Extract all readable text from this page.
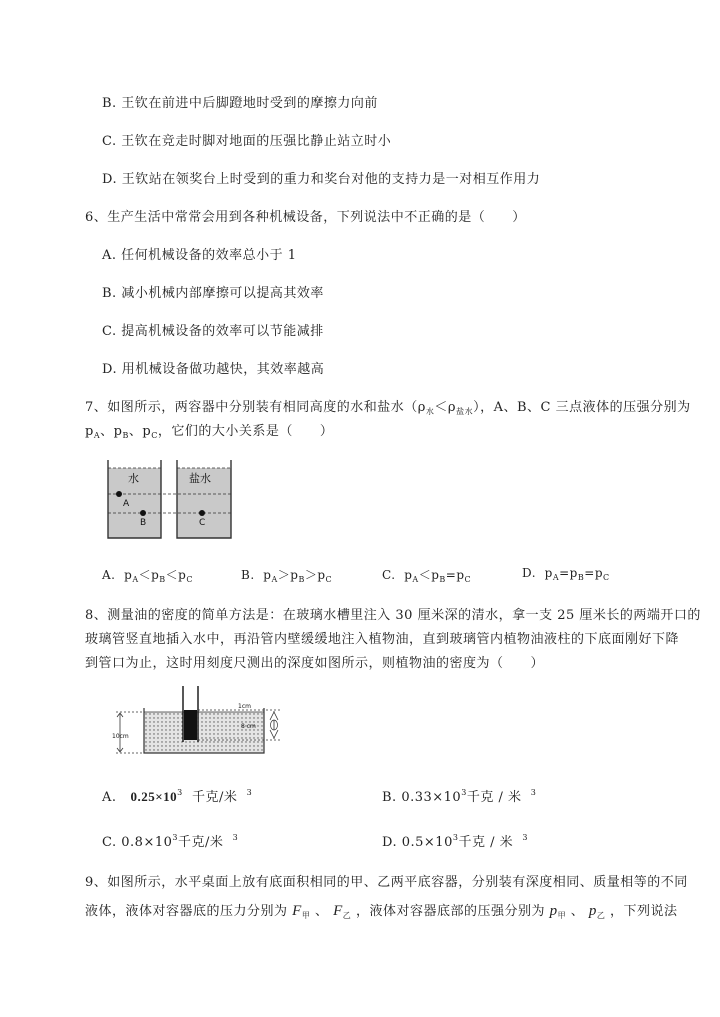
B. 王钦在前进中后脚蹬地时受到的摩擦力向前
C. 王钦在竞走时脚对地面的压强比静止站立时小
D. 王钦站在领奖台上时受到的重力和奖台对他的支持力是一对相互作用力
6、生产生活中常常会用到各种机械设备，下列说法中不正确的是（　　）
A. 任何机械设备的效率总小于 1
B. 减小机械内部摩擦可以提高其效率
C. 提高机械设备的效率可以节能减排
D. 用机械设备做功越快，其效率越高
7、如图所示，两容器中分别装有相同高度的水和盐水$(\rho_水<\rho_{盐水})$，A、B、C 三点液体的压强分别为
$p_A$、$p_B$、$p_C$，它们的大小关系是（　　）
水	盐水
A
B	C
A. $p_A<p_B<p_C$	B. $p_A>p_B>p_C$	C. $p_A<p_B=p_C$	D. $p_A=p_B=p_C$
8、测量油的密度的简单方法是：在玻璃水槽里注入 30 厘米深的清水，拿一支 25 厘米长的两端开口的
玻璃管竖直地插入水中，再沿管内壁缓缓地注入植物油，直到玻璃管内植物油液柱的下底面刚好下降
到管口为止，这时用刻度尺测出的深度如图所示，则植物油的密度为（　　）
10cm
1cm
8 cm
A. $0.25\times 10^3$ 千克/米 $^3$	B. $0.33\times 10^3$千克 / 米 $^3$
C. $0.8\times 10^3$千克/米 $^3$	D. $0.5\times 10^3$千克 / 米 $^3$
9、如图所示，水平桌面上放有底面积相同的甲、乙两平底容器，分别装有深度相同、质量相等的不同
液体，液体对容器底的压力分别为 $F_甲$ 、 $F_乙$ ，液体对容器底部的压强分别为 $p_甲$ 、 $p_乙$ ，下列说法
